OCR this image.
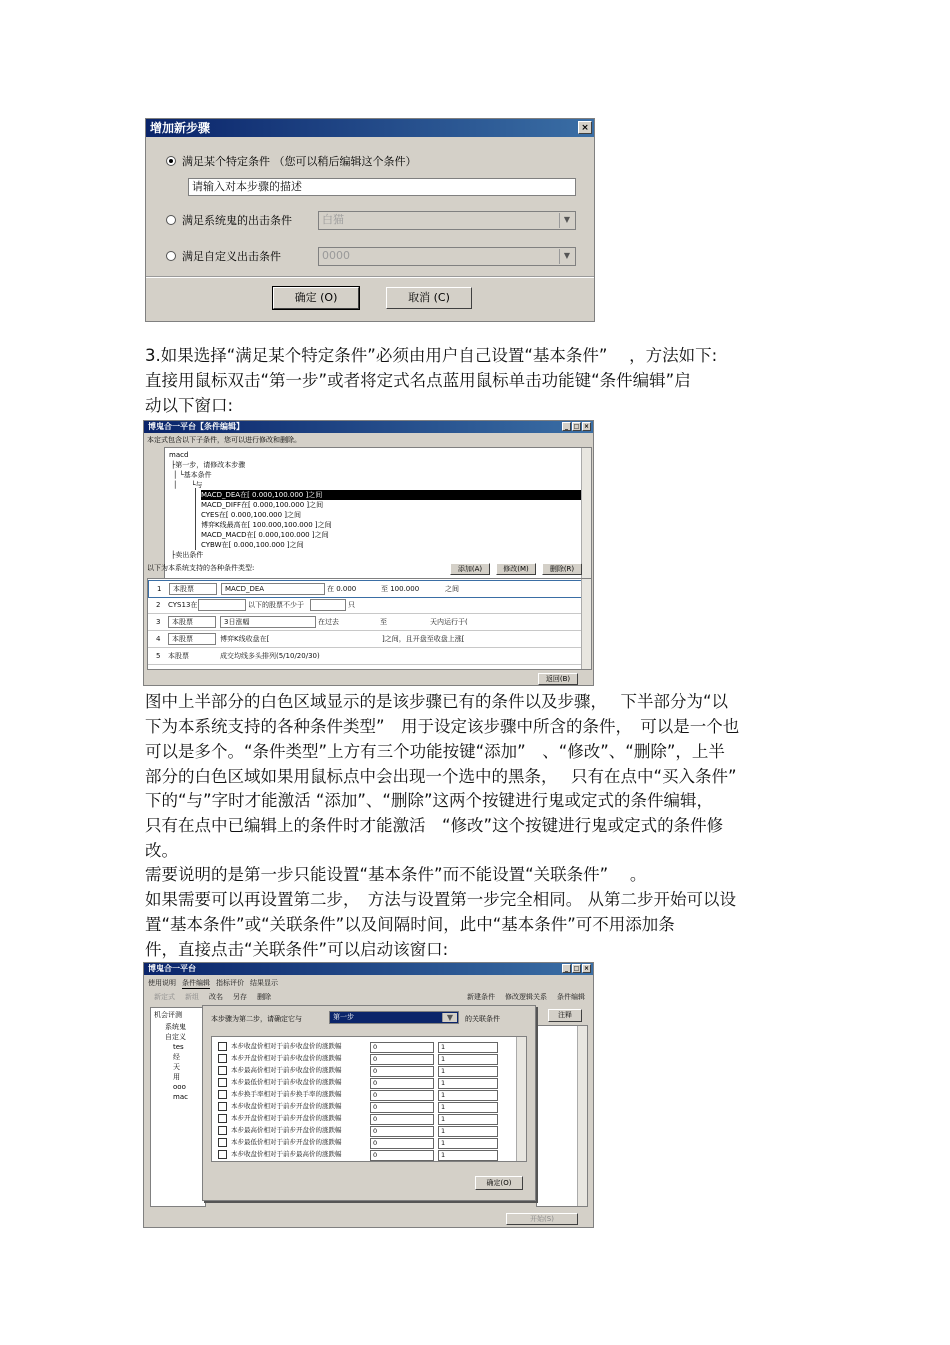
增加新步骤	×
满足某个特定条件 （您可以稍后编辑这个条件）
请输入对本步骤的描述
满足系统鬼的出击条件	白猫	▼
满足自定义出击条件	0000	▼
确定 (O)	取消 (C)
3.如果选择“满足某个特定条件”必须由用户自己设置“基本条件”　 ，方法如下:
直接用鼠标双击“第一步”或者将定式名点蓝用鼠标单击功能键“条件编辑”启
动以下窗口:
博鬼合一平台【条件编辑】	_ □ ×
本定式包含以下子条件，您可以进行修改和删除。
macd
├第一步，请修改本步骤
│ └基本条件
│　　└与
MACD_DEA在[ 0.000,100.000 ]之间
MACD_DIFF在[ 0.000,100.000 ]之间
CYES在[ 0.000,100.000 ]之间
博弈K线最高在[ 100.000,100.000 ]之间
MACD_MACD在[ 0.000,100.000 ]之间
CYBW在[ 0.000,100.000 ]之间
├卖出条件
以下为本系统支持的各种条件类型:	添加(A)	修改(M)	删除(R)
1	本股票	MACD_DEA	在 0.000	至 100.000	之间
2 CYS13在	以下的股票不少于	只
3	本股票	3日涨幅	在过去	至	天内运行于(
4	本股票	博弈K线收盘在[	]之间，且开盘至收盘上涨[
5 本股票	成交均线多头排列(5/10/20/30)
返回(B)
图中上半部分的白色区域显示的是该步骤已有的条件以及步骤，　 下半部分为“以
下为本系统支持的各种条件类型”　用于设定该步骤中所含的条件，　可以是一个也
可以是多个。“条件类型”上方有三个功能按键“添加”　、“修改”、“删除”，上半
部分的白色区域如果用鼠标点中会出现一个选中的黑条，　 只有在点中“买入条件”
下的“与”字时才能激活 “添加”、“删除”这两个按键进行鬼或定式的条件编辑，
只有在点中已编辑上的条件时才能激活　“修改”这个按键进行鬼或定式的条件修
改。
需要说明的是第一步只能设置“基本条件”而不能设置“关联条件”　 。
如果需要可以再设置第二步，　方法与设置第一步完全相同。 从第二步开始可以设
置“基本条件”或“关联条件”以及间隔时间，此中“基本条件”可不用添加条
件，直接点击“关联条件”可以启动该窗口:
博鬼合一平台	_ □ ×
使用说明 条件编辑 指标评价 结果显示
新定式 新组 改名 另存 删除	新建条件 修改逻辑关系 条件编辑
机会评测
系统鬼
自定义
tes
经
天
用
ooo
mac
注释
开始(S)
本步骤为第二步，请确定它与	第一步	▼	的关联条件
本步收盘价相对于前步收盘价的涨跌幅	0	1
本步开盘价相对于前步收盘价的涨跌幅	0	1
本步最高价相对于前步收盘价的涨跌幅	0	1
本步最低价相对于前步收盘价的涨跌幅	0	1
本步换手率相对于前步换手率的涨跌幅	0	1
本步收盘价相对于前步开盘价的涨跌幅	0	1
本步开盘价相对于前步开盘价的涨跌幅	0	1
本步最高价相对于前步开盘价的涨跌幅	0	1
本步最低价相对于前步开盘价的涨跌幅	0	1
本步收盘价相对于前步最高价的涨跌幅	0	1
确定(O)
